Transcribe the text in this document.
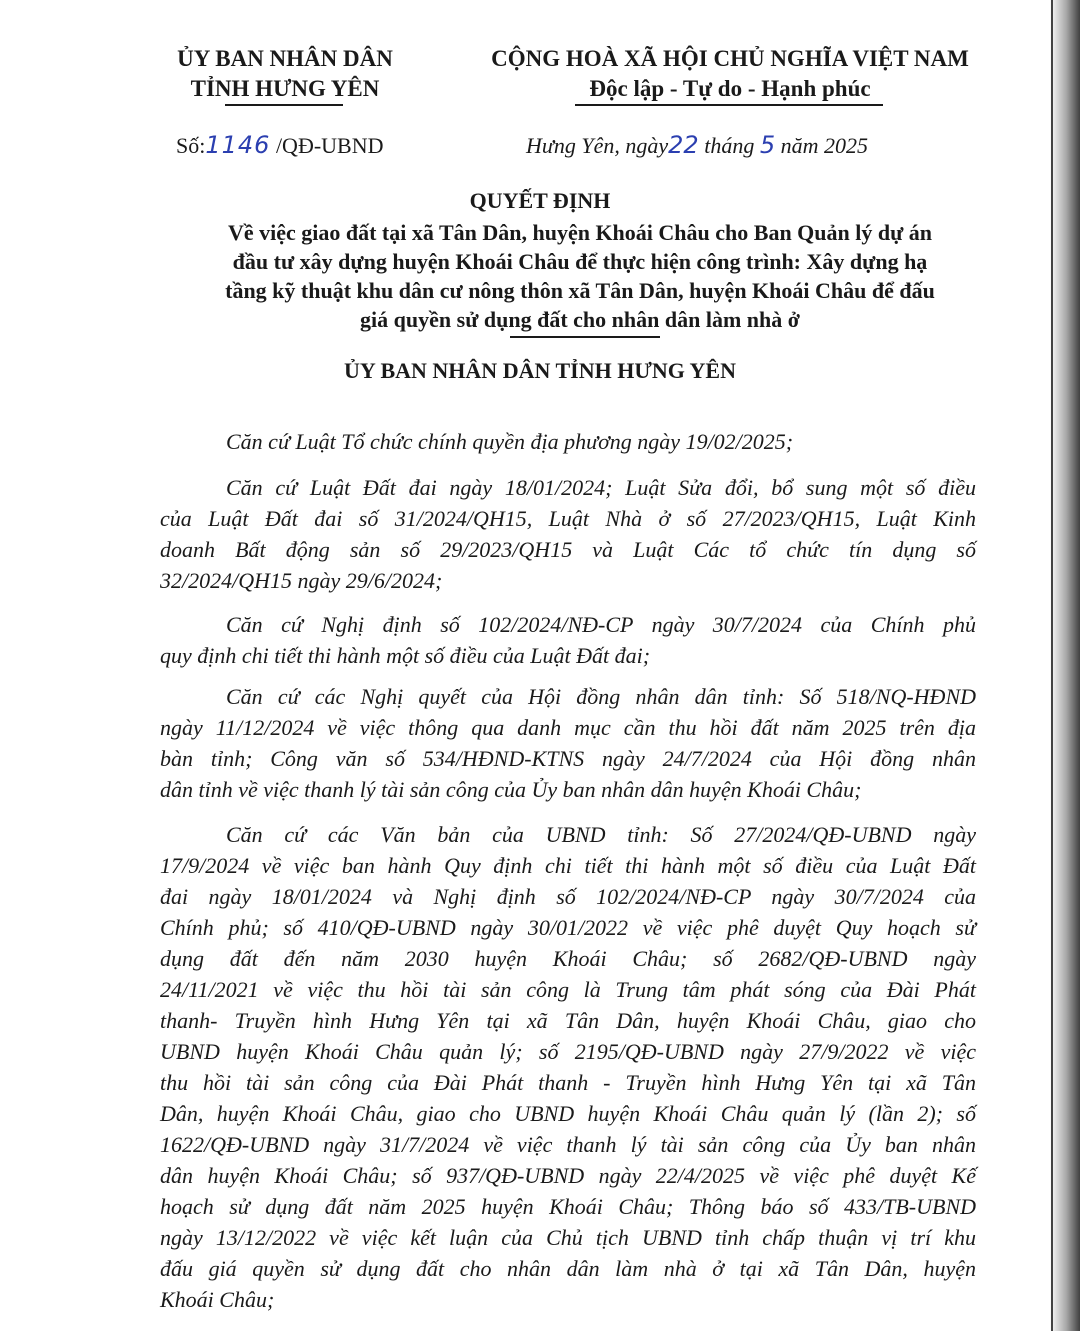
ỦY BAN NHÂN DÂN
TỈNH HƯNG YÊN
CỘNG HOÀ XÃ HỘI CHỦ NGHĨA VIỆT NAM
Độc lập - Tự do - Hạnh phúc
Số:1146 /QĐ-UBND	Hưng Yên, ngày22 tháng 5 năm 2025
QUYẾT ĐỊNH
Về việc giao đất tại xã Tân Dân, huyện Khoái Châu cho Ban Quản lý dự án
đầu tư xây dựng huyện Khoái Châu để thực hiện công trình: Xây dựng hạ
tầng kỹ thuật khu dân cư nông thôn xã Tân Dân, huyện Khoái Châu để đấu
giá quyền sử dụng đất cho nhân dân làm nhà ở
ỦY BAN NHÂN DÂN TỈNH HƯNG YÊN
Căn cứ Luật Tổ chức chính quyền địa phương ngày 19/02/2025;
Căn cứ Luật Đất đai ngày 18/01/2024; Luật Sửa đổi, bổ sung một số điều
của Luật Đất đai số 31/2024/QH15, Luật Nhà ở số 27/2023/QH15, Luật Kinh
doanh Bất động sản số 29/2023/QH15 và Luật Các tổ chức tín dụng số
32/2024/QH15 ngày 29/6/2024;
Căn cứ Nghị định số 102/2024/NĐ-CP ngày 30/7/2024 của Chính phủ
quy định chi tiết thi hành một số điều của Luật Đất đai;
Căn cứ các Nghị quyết của Hội đồng nhân dân tỉnh: Số 518/NQ-HĐND
ngày 11/12/2024 về việc thông qua danh mục cần thu hồi đất năm 2025 trên địa
bàn tỉnh; Công văn số 534/HĐND-KTNS ngày 24/7/2024 của Hội đồng nhân
dân tỉnh về việc thanh lý tài sản công của Ủy ban nhân dân huyện Khoái Châu;
Căn cứ các Văn bản của UBND tỉnh: Số 27/2024/QĐ-UBND ngày
17/9/2024 về việc ban hành Quy định chi tiết thi hành một số điều của Luật Đất
đai ngày 18/01/2024 và Nghị định số 102/2024/NĐ-CP ngày 30/7/2024 của
Chính phủ; số 410/QĐ-UBND ngày 30/01/2022 về việc phê duyệt Quy hoạch sử
dụng đất đến năm 2030 huyện Khoái Châu; số 2682/QĐ-UBND ngày
24/11/2021 về việc thu hồi tài sản công là Trung tâm phát sóng của Đài Phát
thanh- Truyền hình Hưng Yên tại xã Tân Dân, huyện Khoái Châu, giao cho
UBND huyện Khoái Châu quản lý; số 2195/QĐ-UBND ngày 27/9/2022 về việc
thu hồi tài sản công của Đài Phát thanh - Truyền hình Hưng Yên tại xã Tân
Dân, huyện Khoái Châu, giao cho UBND huyện Khoái Châu quản lý (lần 2); số
1622/QĐ-UBND ngày 31/7/2024 về việc thanh lý tài sản công của Ủy ban nhân
dân huyện Khoái Châu; số 937/QĐ-UBND ngày 22/4/2025 về việc phê duyệt Kế
hoạch sử dụng đất năm 2025 huyện Khoái Châu; Thông báo số 433/TB-UBND
ngày 13/12/2022 về việc kết luận của Chủ tịch UBND tỉnh chấp thuận vị trí khu
đấu giá quyền sử dụng đất cho nhân dân làm nhà ở tại xã Tân Dân, huyện
Khoái Châu;
